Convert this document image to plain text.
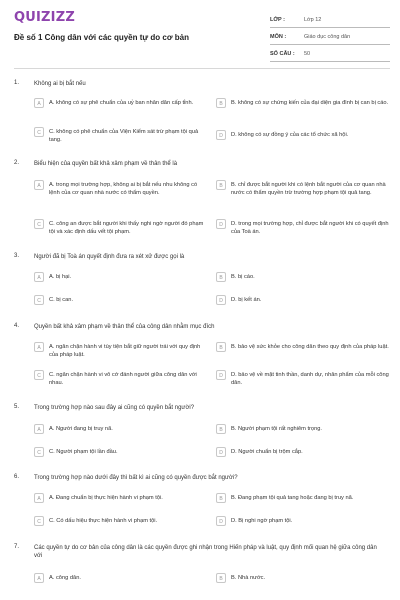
QUIZIZZ
Đề số 1 Công dân với các quyền tự do cơ bản
LỚP :	Lớp 12
MÔN :	Giáo dục công dân
SỐ CÂU :	50
1. Không ai bị bắt nếu
A	A. không có sự phê chuẩn của uỷ ban nhân dân cấp tỉnh.	B	B. không có sự chứng kiến của đại diện gia đình bị can bị cáo.
C	C. không có phê chuẩn của Viện Kiểm sát trừ phạm tội quả tang.
D	D. không có sự đồng ý của các tổ chức xã hội.
2. Biểu hiện của quyền bất khả xâm phạm về thân thể là
A	A. trong mọi trường hợp, không ai bị bắt nếu nhu không có lệnh của cơ quan nhà nước có thẩm quyền.
B	B. chỉ được bắt người khi có lệnh bắt người của cơ quan nhà nước có thẩm quyền trừ trường hợp phạm tội quả tang.
C	C. công an được bắt người khi thấy nghi ngờ người đó phạm tội và xác định dấu vết tội phạm.
D	D. trong mọi trường hợp, chỉ được bắt người khi có quyết định của Toà án.
3. Người đã bị Toà án quyết định đưa ra xét xử được gọi là
A	A. bị hại.	B	B. bị cáo.
C	C. bị can.	D	D. bị kết án.
4. Quyền bất khả xâm phạm về thân thể của công dân nhằm mục đích
A	A. ngăn chặn hành vi tùy tiện bắt giữ người trái với quy định của pháp luật.
B	B. bảo vệ sức khỏe cho công dân theo quy định của pháp luật.
C	C. ngăn chặn hành vi vô cớ đánh người giữa công dân với nhau.
D	D. bảo vệ về mặt tinh thần, danh dự, nhân phẩm của mỗi công dân.
5. Trong trường hợp nào sau đây ai cũng có quyền bắt người?
A	A. Người đang bị truy nã.	B	B. Người phạm tội rất nghiêm trọng.
C	C. Người phạm tội lần đầu.	D	D. Người chuẩn bị trộm cắp.
6. Trong trường hợp nào dưới đây thì bất kì ai cũng có quyền được bắt người?
A	A. Đang chuẩn bị thực hiện hành vi phạm tội.	B	B. Đang phạm tội quả tang hoặc đang bị truy nã.
C	C. Có dấu hiệu thực hiện hành vi phạm tội.	D	D. Bị nghi ngờ phạm tội.
7. Các quyền tự do cơ bản của công dân là các quyền được ghi nhận trong Hiến pháp và luật, quy định mối quan hệ giữa công dân với
A	A. công dân.	B	B. Nhà nước.
